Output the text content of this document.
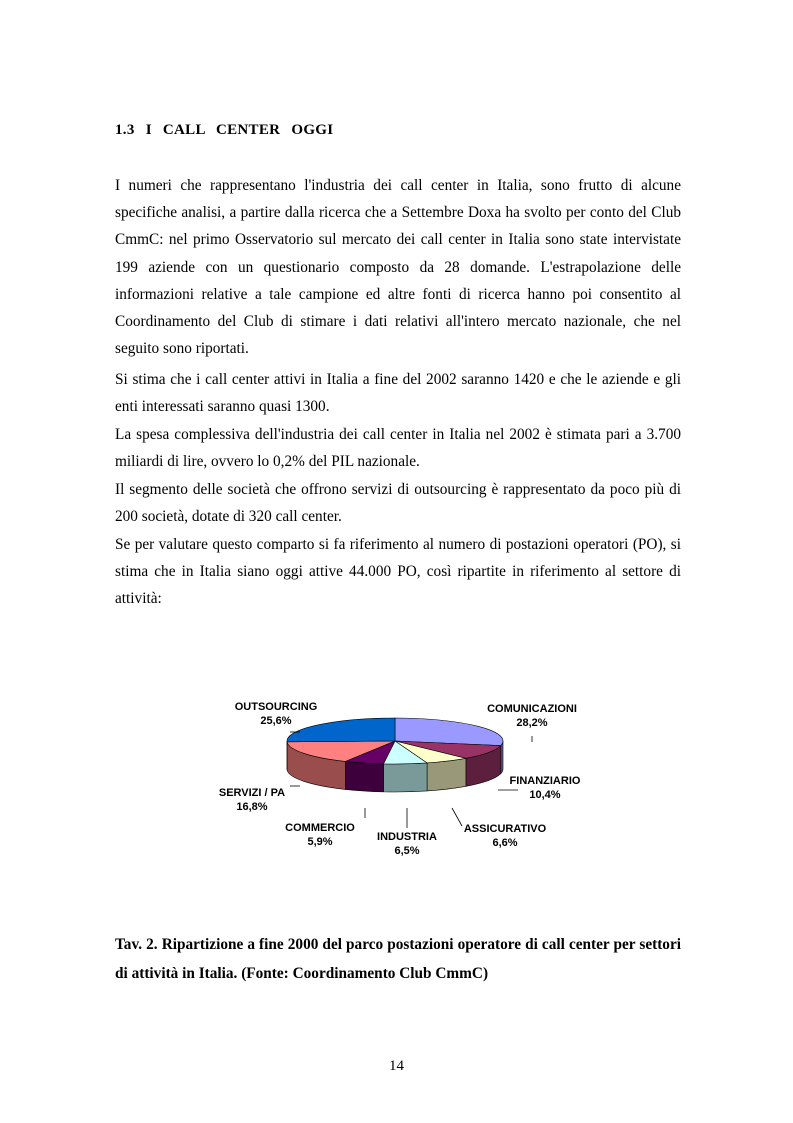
1.3 I CALL CENTER OGGI

I numeri che rappresentano l'industria dei call center in Italia, sono frutto di alcune specifiche analisi, a partire dalla ricerca che a Settembre Doxa ha svolto per conto del Club CmmC: nel primo Osservatorio sul mercato dei call center in Italia sono state intervistate 199 aziende con un questionario composto da 28 domande. L'estrapolazione delle informazioni relative a tale campione ed altre fonti di ricerca hanno poi consentito al Coordinamento del Club di stimare i dati relativi all'intero mercato nazionale, che nel seguito sono riportati.

Si stima che i call center attivi in Italia a fine del 2002 saranno 1420 e che le aziende e gli enti interessati saranno quasi 1300.

La spesa complessiva dell'industria dei call center in Italia nel 2002 è stimata pari a 3.700 miliardi di lire, ovvero lo 0,2% del PIL nazionale.

Il segmento delle società che offrono servizi di outsourcing è rappresentato da poco più di 200 società, dotate di 320 call center.

Se per valutare questo comparto si fa riferimento al numero di postazioni operatori (PO), si stima che in Italia siano oggi attive 44.000 PO, così ripartite in riferimento al settore di attività:

COMUNICAZIONI
28,2%
FINANZIARIO
10,4%
ASSICURATIVO
6,6%
INDUSTRIA
6,5%
COMMERCIO
5,9%
SERVIZI / PA
16,8%
OUTSOURCING
25,6%

Tav. 2. Ripartizione a fine 2000 del parco postazioni operatore di call center per settori di attività in Italia. (Fonte: Coordinamento Club CmmC)

14
